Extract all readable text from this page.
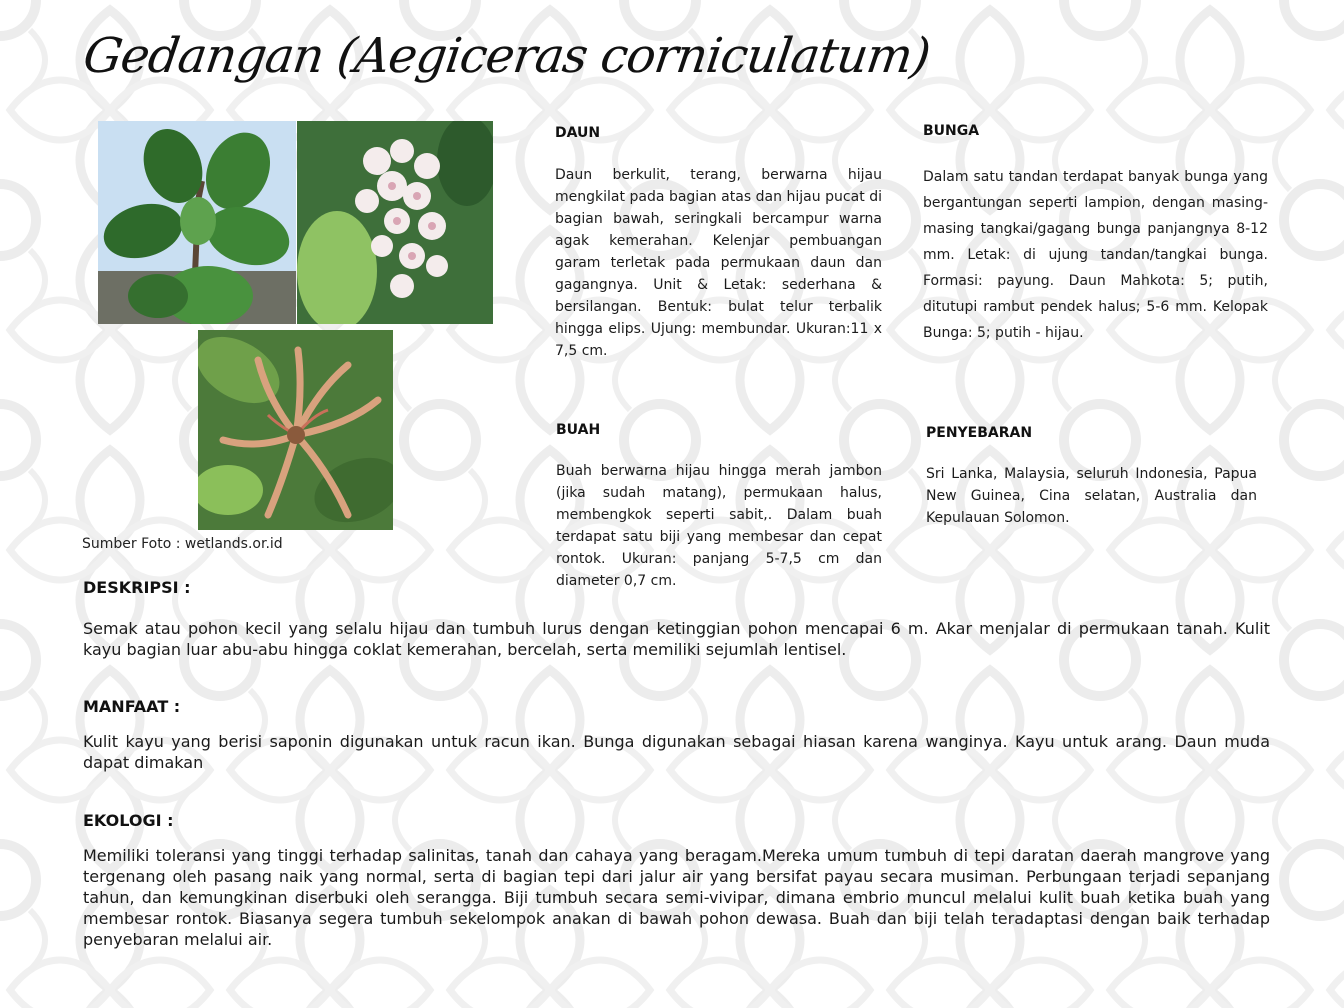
Gedangan (Aegiceras corniculatum)
Sumber Foto : wetlands.or.id
DAUN
Daun berkulit, terang, berwarna hijau mengkilat pada bagian atas dan hijau pucat di bagian bawah, seringkali bercampur warna agak kemerahan. Kelenjar pembuangan garam terletak pada permukaan daun dan gagangnya. Unit & Letak: sederhana & bersilangan. Bentuk: bulat telur terbalik hingga elips. Ujung: membundar. Ukuran:11 x 7,5 cm.
BUNGA
Dalam satu tandan terdapat banyak bunga yang bergantungan seperti lampion, dengan masing-masing tangkai/gagang bunga panjangnya 8-12 mm. Letak: di ujung tandan/tangkai bunga. Formasi: payung. Daun Mahkota: 5; putih, ditutupi rambut pendek halus; 5-6 mm. Kelopak Bunga: 5; putih - hijau.
BUAH
Buah berwarna hijau hingga merah jambon (jika sudah matang), permukaan halus, membengkok seperti sabit,. Dalam buah terdapat satu biji yang membesar dan cepat rontok. Ukuran: panjang 5-7,5 cm dan diameter 0,7 cm.
PENYEBARAN
Sri Lanka, Malaysia, seluruh Indonesia, Papua New Guinea, Cina selatan, Australia dan Kepulauan Solomon.
DESKRIPSI :
Semak atau pohon kecil yang selalu hijau dan tumbuh lurus dengan ketinggian pohon mencapai 6 m. Akar menjalar di permukaan tanah. Kulit kayu bagian luar abu-abu hingga coklat kemerahan, bercelah, serta memiliki sejumlah lentisel.
MANFAAT :
Kulit kayu yang berisi saponin digunakan untuk racun ikan. Bunga digunakan sebagai hiasan karena wanginya. Kayu untuk arang. Daun muda dapat dimakan
EKOLOGI :
Memiliki toleransi yang tinggi terhadap salinitas, tanah dan cahaya yang beragam.Mereka umum tumbuh di tepi daratan daerah mangrove yang tergenang oleh pasang naik yang normal, serta di bagian tepi dari jalur air yang bersifat payau secara musiman. Perbungaan terjadi sepanjang tahun, dan kemungkinan diserbuki oleh serangga. Biji tumbuh secara semi-vivipar, dimana embrio muncul melalui kulit buah ketika buah yang membesar rontok. Biasanya segera tumbuh sekelompok anakan di bawah pohon dewasa. Buah dan biji telah teradaptasi dengan baik terhadap penyebaran melalui air.
